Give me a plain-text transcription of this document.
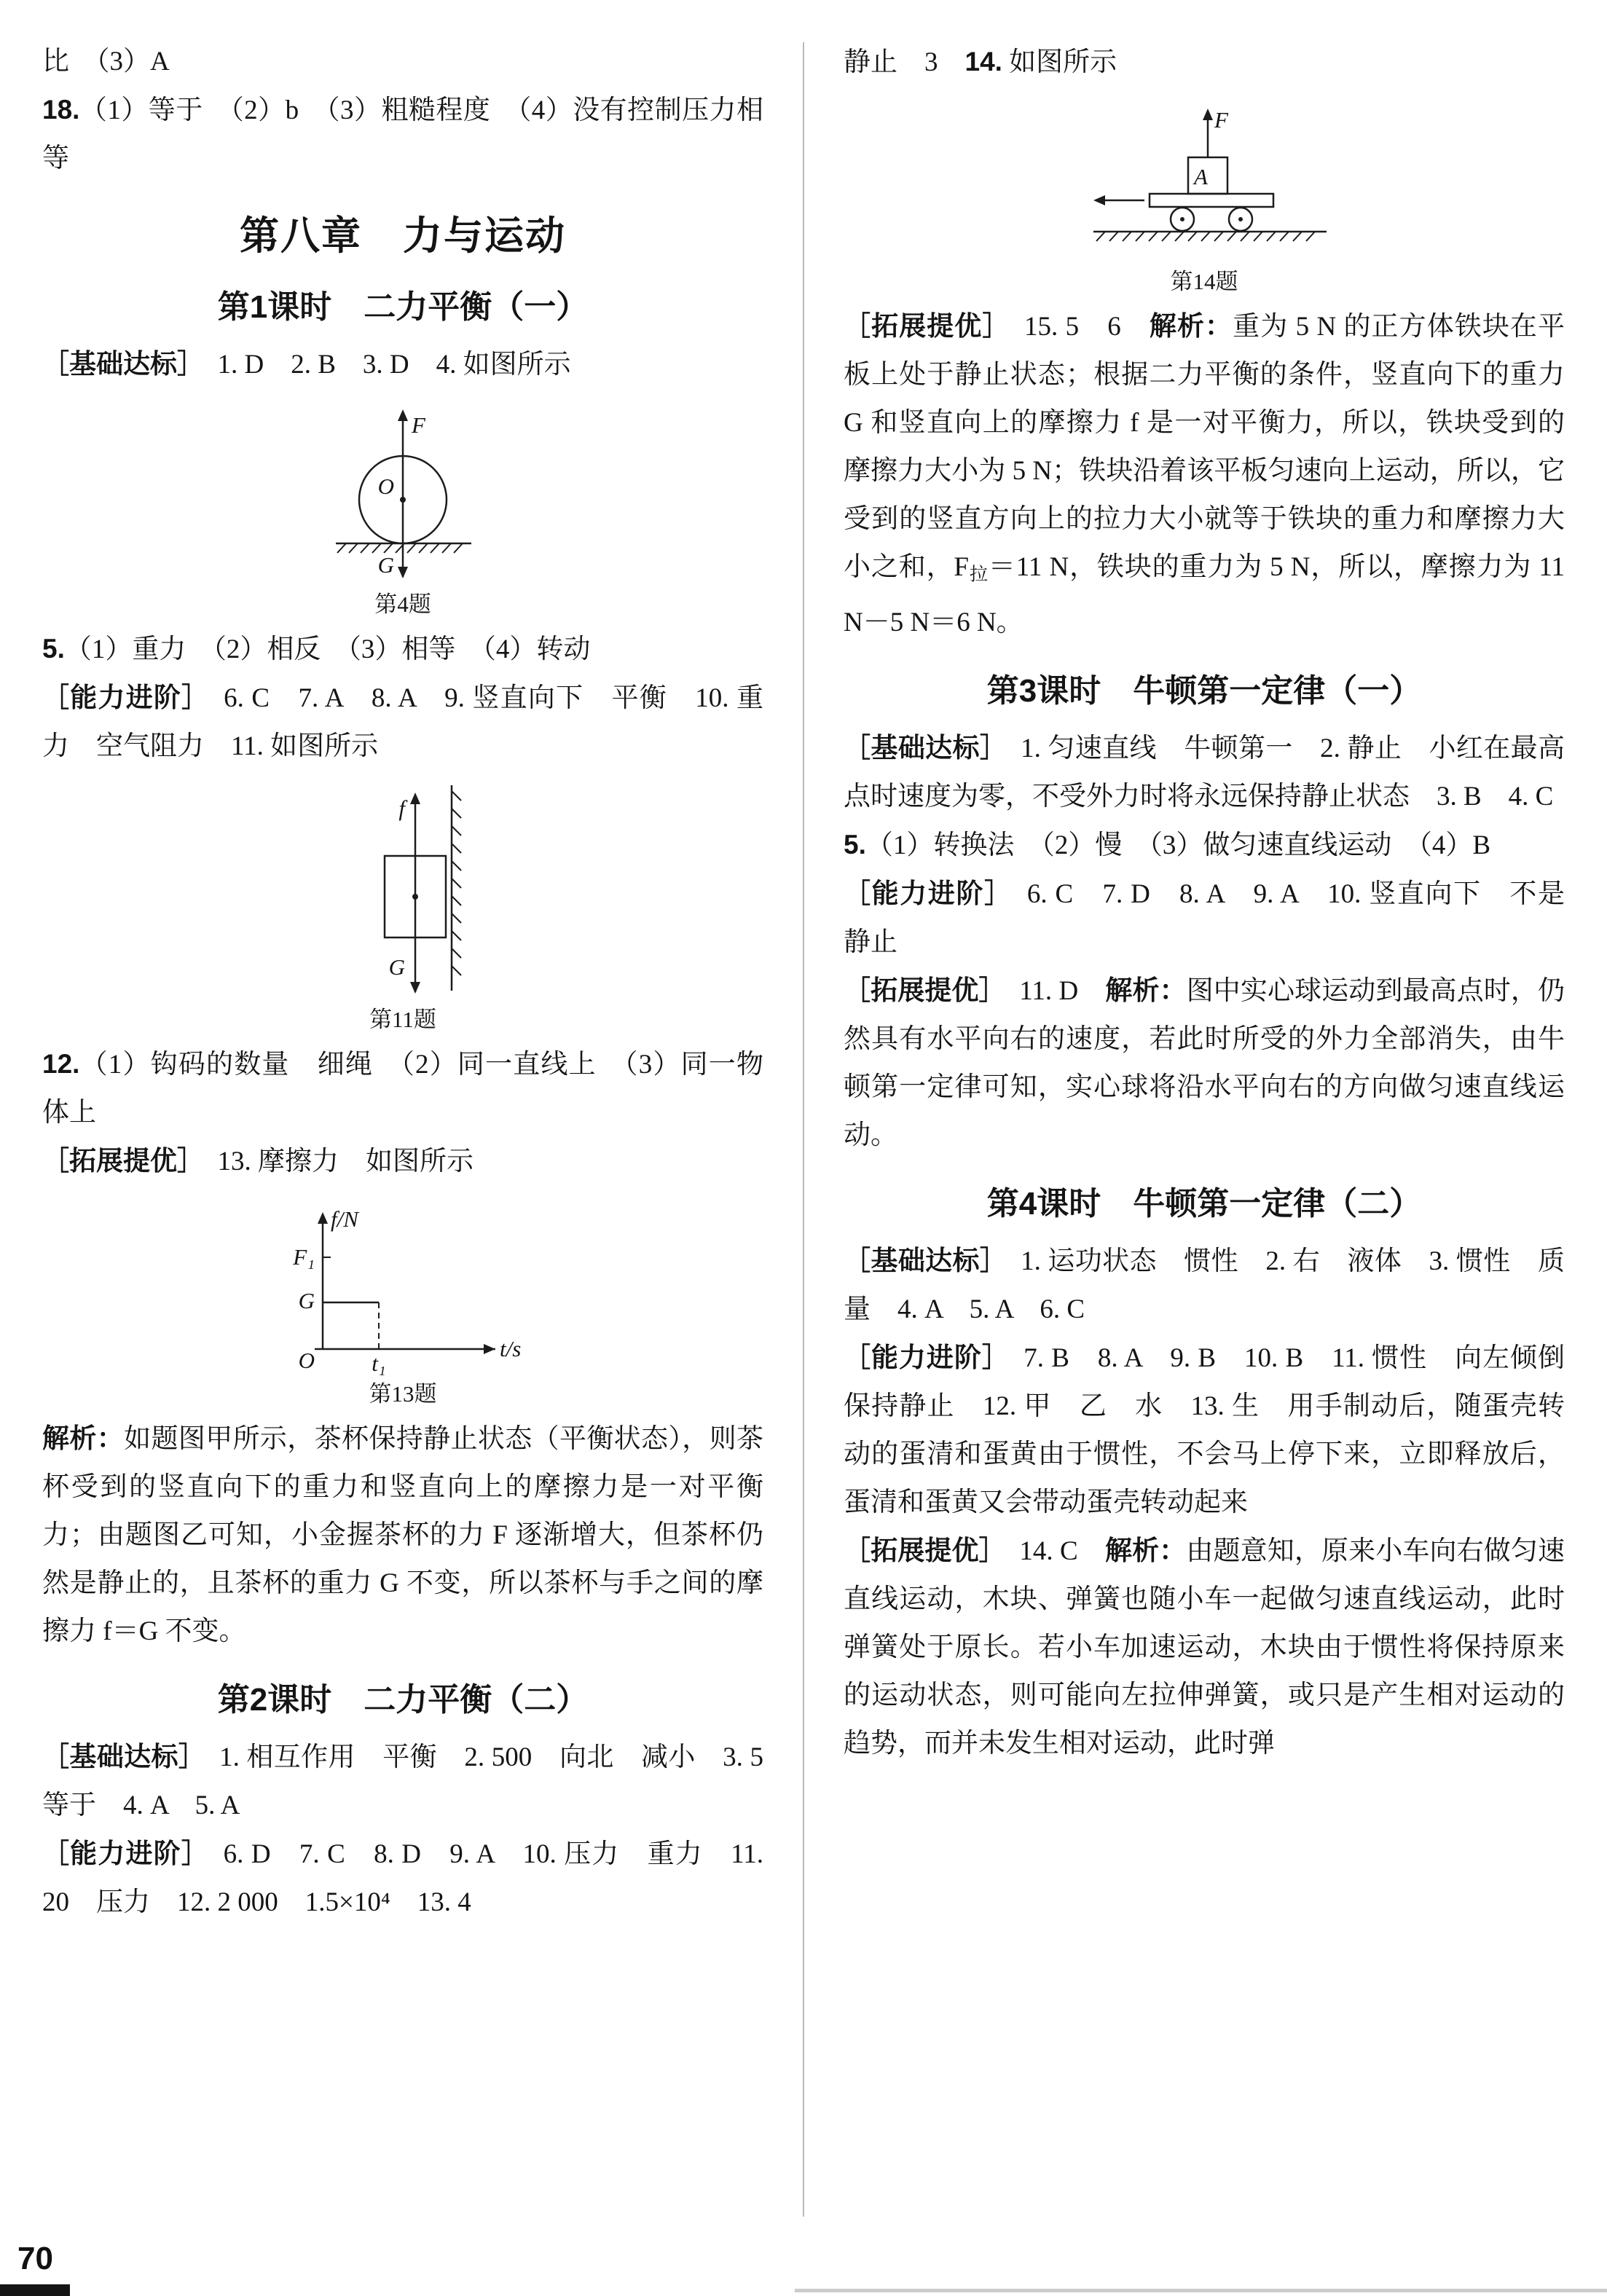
比　（3）A

18.（1）等于　（2）b　（3）粗糙程度　（4）没有控制压力相等

第八章　力与运动
第1课时　二力平衡（一）

［基础达标］　1. D　2. B　3. D　4. 如图所示

F
O
G
第4题

5.（1）重力　（2）相反　（3）相等　（4）转动

［能力进阶］　6. C　7. A　8. A　9. 竖直向下　平衡　10. 重力　空气阻力　11. 如图所示

f
G
第11题

12.（1）钩码的数量　细绳　（2）同一直线上　（3）同一物体上

［拓展提优］　13. 摩擦力　如图所示

f/N
t/s
O
F₁
G
t₁
第13题

解析：如题图甲所示，茶杯保持静止状态（平衡状态），则茶杯受到的竖直向下的重力和竖直向上的摩擦力是一对平衡力；由题图乙可知，小金握茶杯的力 F 逐渐增大，但茶杯仍然是静止的，且茶杯的重力 G 不变，所以茶杯与手之间的摩擦力 f＝G 不变。

第2课时　二力平衡（二）

［基础达标］　1. 相互作用　平衡　2. 500　向北　减小　3. 5　等于　4. A　5. A

［能力进阶］　6. D　7. C　8. D　9. A　10. 压力　重力　11. 20　压力　12. 2 000　1.5×10⁴　13. 4

静止　3　14. 如图所示

F
A
第14题

［拓展提优］　15. 5　6　解析：重为 5 N 的正方体铁块在平板上处于静止状态；根据二力平衡的条件，竖直向下的重力 G 和竖直向上的摩擦力 f 是一对平衡力，所以，铁块受到的摩擦力大小为 5 N；铁块沿着该平板匀速向上运动，所以，它受到的竖直方向上的拉力大小就等于铁块的重力和摩擦力大小之和，$F_拉=11$ N，铁块的重力为 5 N，所以，摩擦力为 11 N－5 N＝6 N。

第3课时　牛顿第一定律（一）

［基础达标］　1. 匀速直线　牛顿第一　2. 静止　小红在最高点时速度为零，不受外力时将永远保持静止状态　3. B　4. C

5.（1）转换法　（2）慢　（3）做匀速直线运动　（4）B

［能力进阶］　6. C　7. D　8. A　9. A　10. 竖直向下　不是　静止

［拓展提优］　11. D　解析：图中实心球运动到最高点时，仍然具有水平向右的速度，若此时所受的外力全部消失，由牛顿第一定律可知，实心球将沿水平向右的方向做匀速直线运动。

第4课时　牛顿第一定律（二）

［基础达标］　1. 运功状态　惯性　2. 右　液体　3. 惯性　质量　4. A　5. A　6. C

［能力进阶］　7. B　8. A　9. B　10. B　11. 惯性　向左倾倒　保持静止　12. 甲　乙　水　13. 生　用手制动后，随蛋壳转动的蛋清和蛋黄由于惯性，不会马上停下来，立即释放后，蛋清和蛋黄又会带动蛋壳转动起来

［拓展提优］　14. C　解析：由题意知，原来小车向右做匀速直线运动，木块、弹簧也随小车一起做匀速直线运动，此时弹簧处于原长。若小车加速运动，木块由于惯性将保持原来的运动状态，则可能向左拉伸弹簧，或只是产生相对运动的趋势，而并未发生相对运动，此时弹

70
